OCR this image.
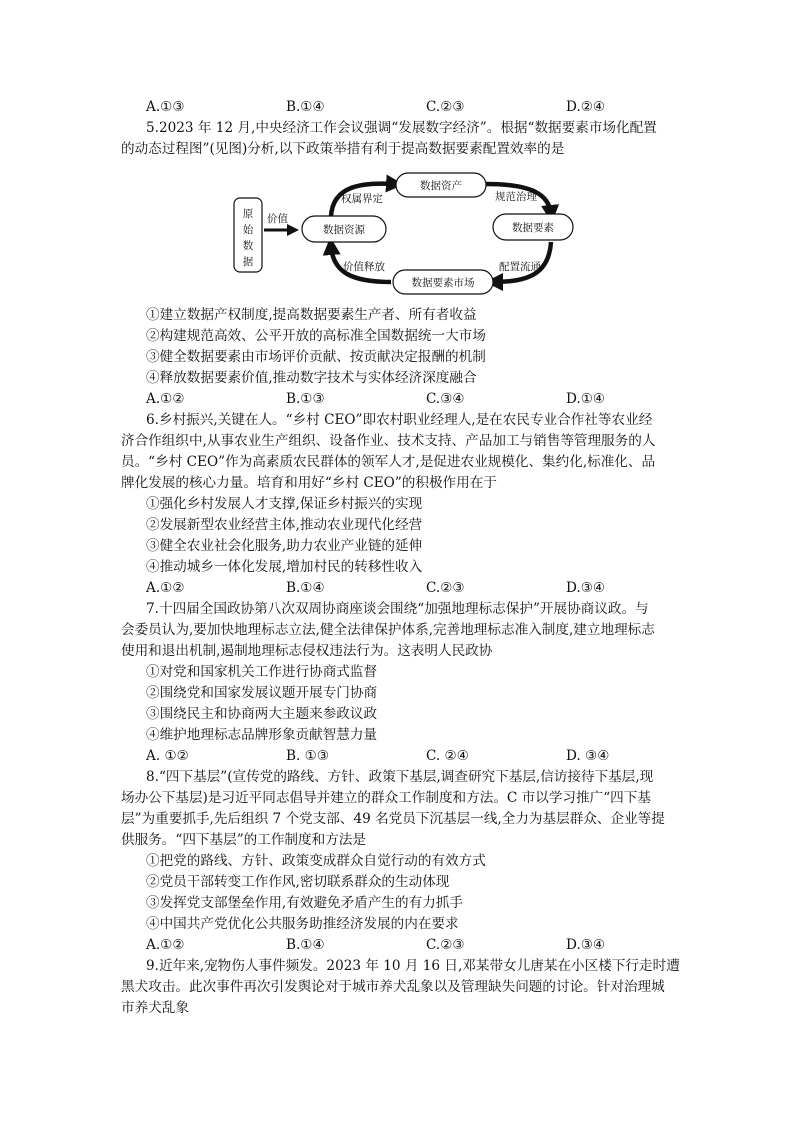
A.①③	B.①④	C.②③	D.②④
5.2023 年 12 月,中央经济工作会议强调“发展数字经济”。根据“数据要素市场化配置
的动态过程图”(见图)分析,以下政策举措有利于提高数据要素配置效率的是
原
始
数
据
价值
数据资产
数据资源	数据要素
数据要素市场
权属界定	规范治理
配置流通
价值释放
①建立数据产权制度,提高数据要素生产者、所有者收益
②构建规范高效、公平开放的高标准全国数据统一大市场
③健全数据要素由市场评价贡献、按贡献决定报酬的机制
④释放数据要素价值,推动数字技术与实体经济深度融合
A.①②	B.①③	C.③④	D.①④
6.乡村振兴,关键在人。“乡村 CEO”即农村职业经理人,是在农民专业合作社等农业经
济合作组织中,从事农业生产组织、设备作业、技术支持、产品加工与销售等管理服务的人
员。“乡村 CEO”作为高素质农民群体的领军人才,是促进农业规模化、集约化,标准化、品
牌化发展的核心力量。培育和用好“乡村 CEO”的积极作用在于
①强化乡村发展人才支撑,保证乡村振兴的实现
②发展新型农业经营主体,推动农业现代化经营
③健全农业社会化服务,助力农业产业链的延伸
④推动城乡一体化发展,增加村民的转移性收入
A.①②	B.①④	C.②③	D.③④
7.十四届全国政协第八次双周协商座谈会围绕“加强地理标志保护”开展协商议政。与
会委员认为,要加快地理标志立法,健全法律保护体系,完善地理标志准入制度,建立地理标志
使用和退出机制,遏制地理标志侵权违法行为。这表明人民政协
①对党和国家机关工作进行协商式监督
②围绕党和国家发展议题开展专门协商
③围绕民主和协商两大主题来参政议政
④维护地理标志品牌形象贡献智慧力量
A. ①②	B. ①③	C. ②④	D. ③④
8.“四下基层”(宣传党的路线、方针、政策下基层,调查研究下基层,信访接待下基层,现
场办公下基层)是习近平同志倡导并建立的群众工作制度和方法。C 市以学习推广“四下基
层”为重要抓手,先后组织 7 个党支部、49 名党员下沉基层一线,全力为基层群众、企业等提
供服务。“四下基层”的工作制度和方法是
①把党的路线、方针、政策变成群众自觉行动的有效方式
②党员干部转变工作作风,密切联系群众的生动体现
③发挥党支部堡垒作用,有效避免矛盾产生的有力抓手
④中国共产党优化公共服务助推经济发展的内在要求
A.①②	B.①④	C.②③	D.③④
9.近年来,宠物伤人事件频发。2023 年 10 月 16 日,邓某带女儿唐某在小区楼下行走时遭
黑犬攻击。此次事件再次引发舆论对于城市养犬乱象以及管理缺失问题的讨论。针对治理城
市养犬乱象
